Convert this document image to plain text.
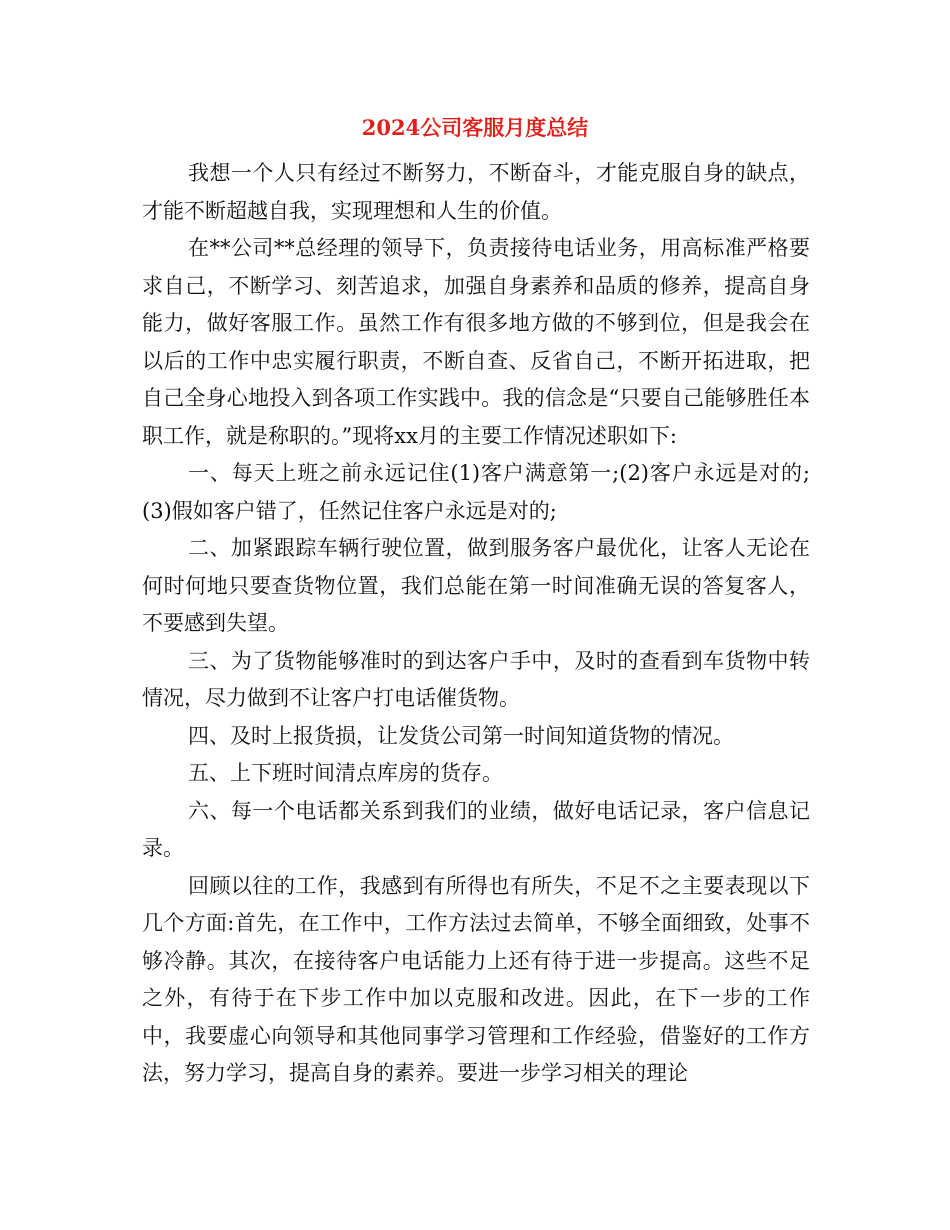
2024公司客服月度总结

我想一个人只有经过不断努力，不断奋斗，才能克服自身的缺点，才能不断超越自我，实现理想和人生的价值。

在**公司**总经理的领导下，负责接待电话业务，用高标准严格要求自己，不断学习、刻苦追求，加强自身素养和品质的修养，提高自身能力，做好客服工作。虽然工作有很多地方做的不够到位，但是我会在以后的工作中忠实履行职责，不断自查、反省自己，不断开拓进取，把自己全身心地投入到各项工作实践中。我的信念是“只要自己能够胜任本职工作，就是称职的。”现将xx月的主要工作情况述职如下:

一、每天上班之前永远记住(1)客户满意第一;(2)客户永远是对的;(3)假如客户错了，任然记住客户永远是对的;

二、加紧跟踪车辆行驶位置，做到服务客户最优化，让客人无论在何时何地只要查货物位置，我们总能在第一时间准确无误的答复客人，不要感到失望。

三、为了货物能够准时的到达客户手中，及时的查看到车货物中转情况，尽力做到不让客户打电话催货物。

四、及时上报货损，让发货公司第一时间知道货物的情况。

五、上下班时间清点库房的货存。

六、每一个电话都关系到我们的业绩，做好电话记录，客户信息记录。

回顾以往的工作，我感到有所得也有所失，不足不之主要表现以下几个方面:首先，在工作中，工作方法过去简单，不够全面细致，处事不够冷静。其次，在接待客户电话能力上还有待于进一步提高。这些不足之外，有待于在下步工作中加以克服和改进。因此，在下一步的工作中，我要虚心向领导和其他同事学习管理和工作经验，借鉴好的工作方法，努力学习，提高自身的素养。要进一步学习相关的理论
